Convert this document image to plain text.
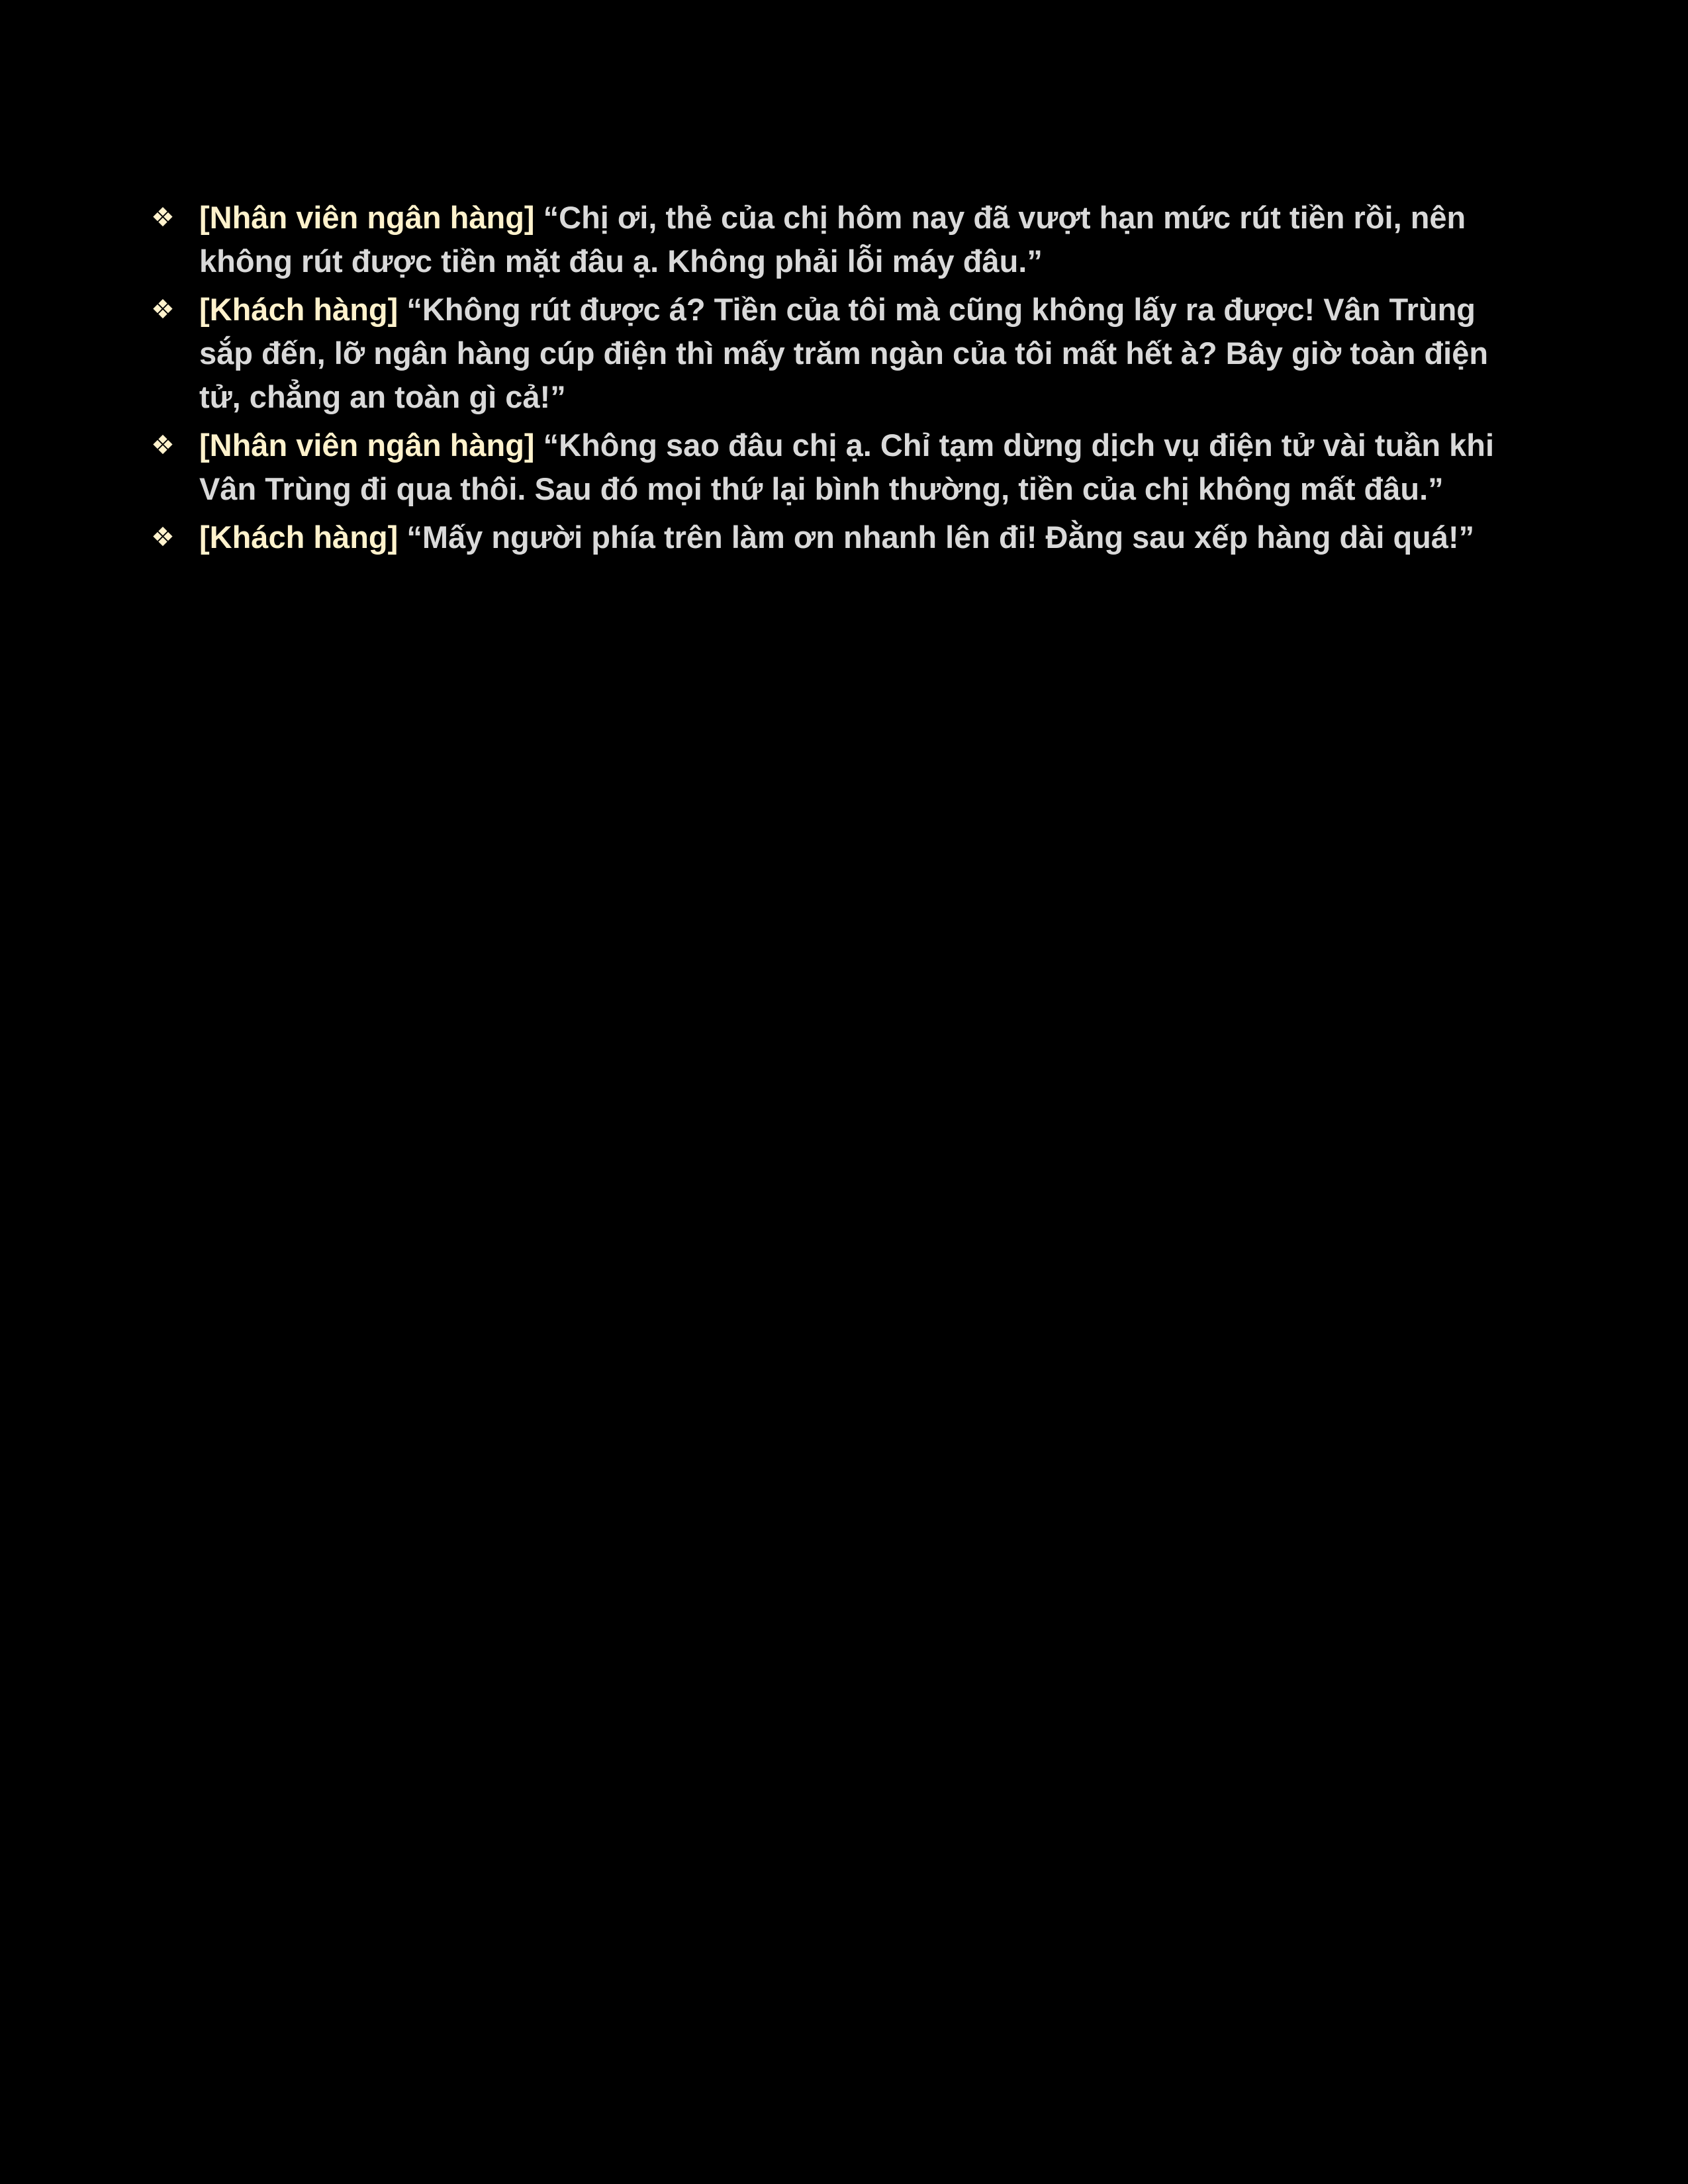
❖ [Nhân viên ngân hàng] “Chị ơi, thẻ của chị hôm nay đã vượt hạn mức rút tiền rồi, nên không rút được tiền mặt đâu ạ. Không phải lỗi máy đâu.”
❖ [Khách hàng] “Không rút được á? Tiền của tôi mà cũng không lấy ra được! Vân Trùng sắp đến, lỡ ngân hàng cúp điện thì mấy trăm ngàn của tôi mất hết à? Bây giờ toàn điện tử, chẳng an toàn gì cả!”
❖ [Nhân viên ngân hàng] “Không sao đâu chị ạ. Chỉ tạm dừng dịch vụ điện tử vài tuần khi Vân Trùng đi qua thôi. Sau đó mọi thứ lại bình thường, tiền của chị không mất đâu.”
❖ [Khách hàng] “Mấy người phía trên làm ơn nhanh lên đi! Đằng sau xếp hàng dài quá!”
